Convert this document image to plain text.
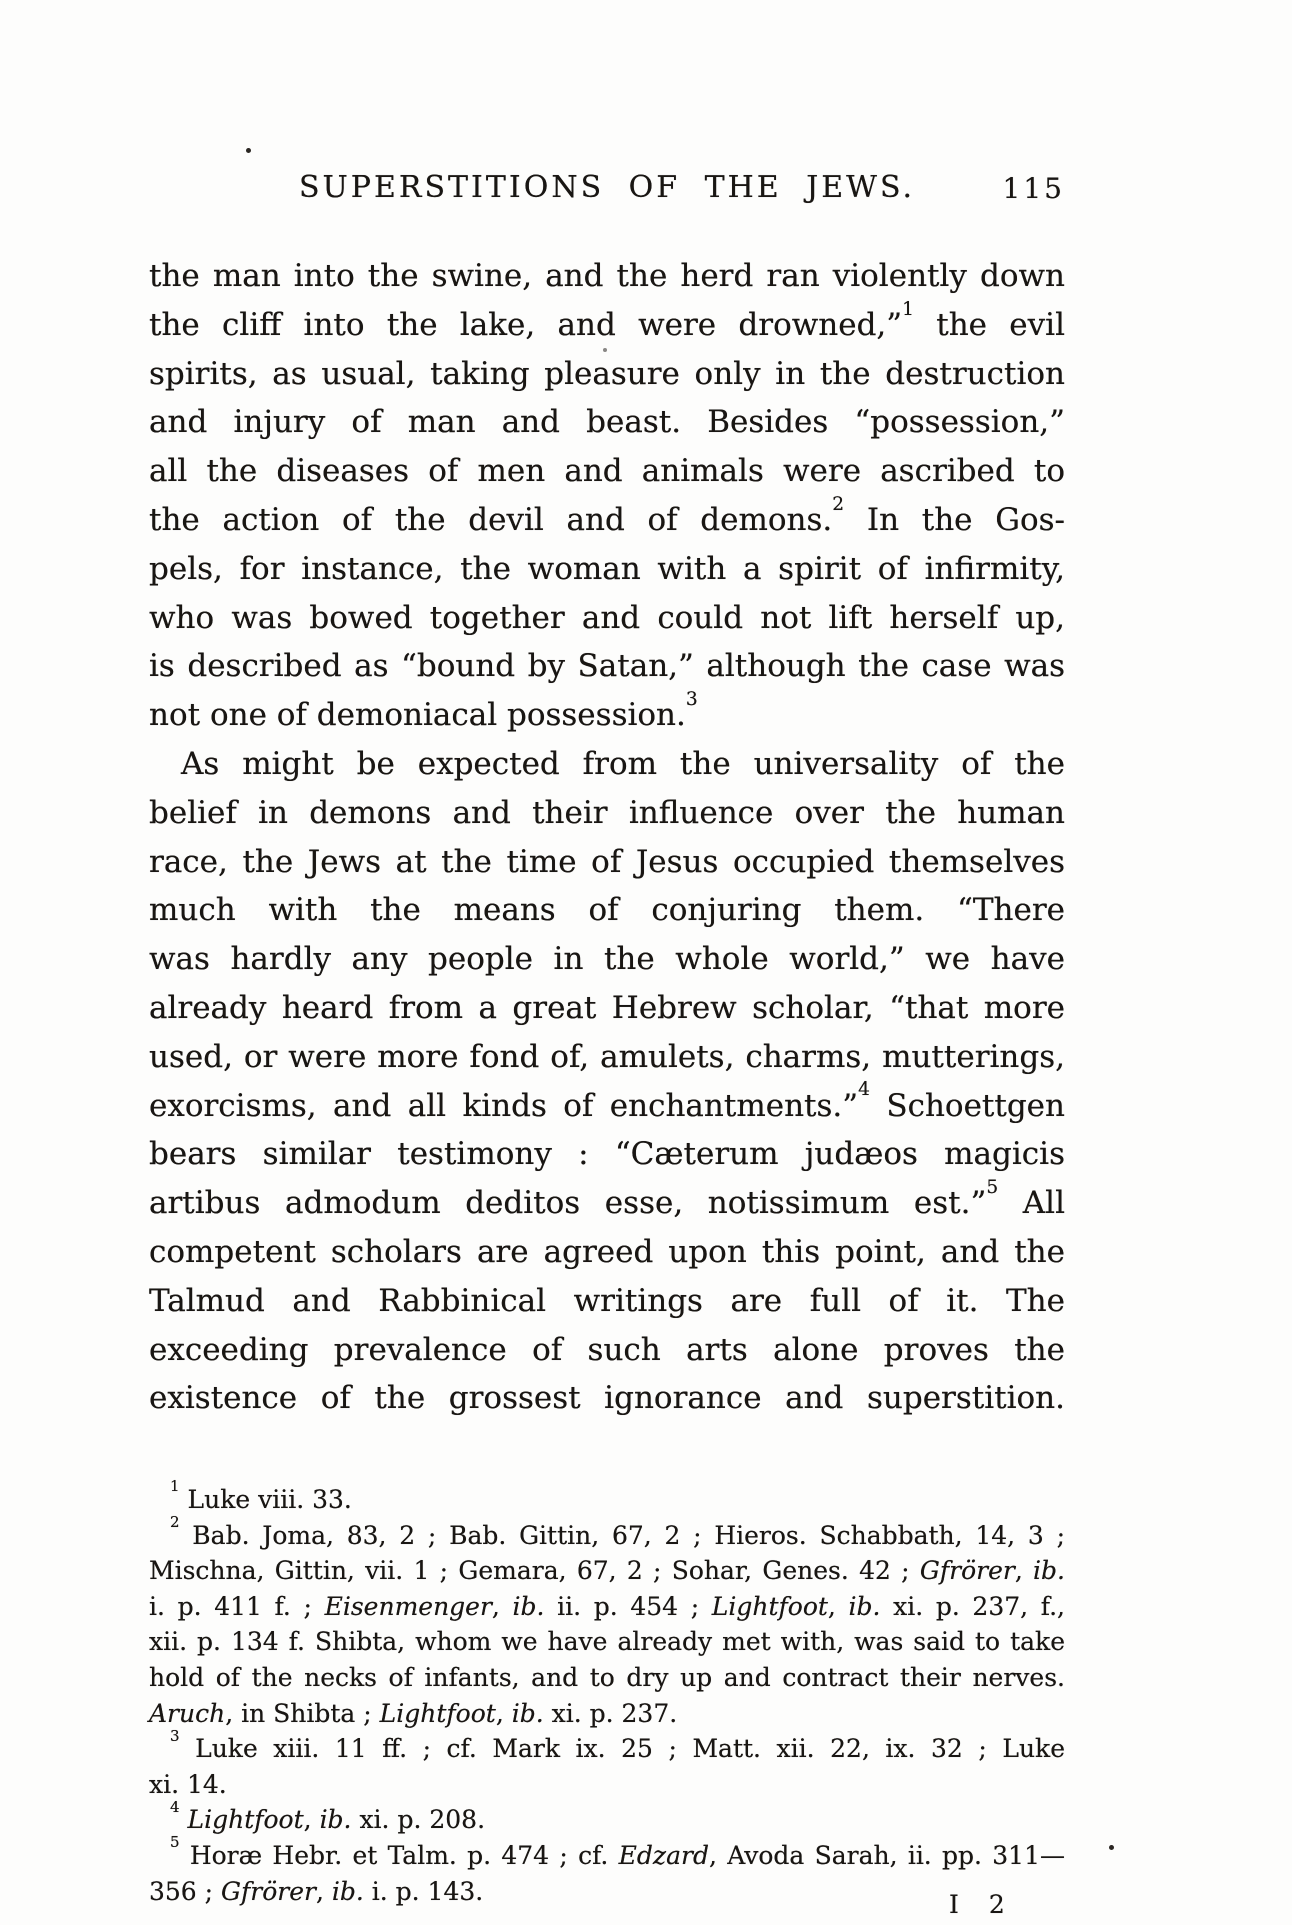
SUPERSTITIONS OF THE JEWS.	115
the man into the swine, and the herd ran violently down
the cliff into the lake, and were drowned,”$^1$ the evil
spirits, as usual, taking pleasure only in the destruction
and injury of man and beast. Besides “possession,”
all the diseases of men and animals were ascribed to
the action of the devil and of demons.$^2$ In the Gos-
pels, for instance, the woman with a spirit of infirmity,
who was bowed together and could not lift herself up,
is described as “bound by Satan,” although the case was
not one of demoniacal possession.$^3$
As might be expected from the universality of the
belief in demons and their influence over the human
race, the Jews at the time of Jesus occupied themselves
much with the means of conjuring them. “There
was hardly any people in the whole world,” we have
already heard from a great Hebrew scholar, “that more
used, or were more fond of, amulets, charms, mutterings,
exorcisms, and all kinds of enchantments.”$^4$ Schoettgen
bears similar testimony : “Cæterum judæos magicis
artibus admodum deditos esse, notissimum est.”$^5$ All
competent scholars are agreed upon this point, and the
Talmud and Rabbinical writings are full of it. The
exceeding prevalence of such arts alone proves the
existence of the grossest ignorance and superstition.
$^1$ Luke viii. 33.
$^2$ Bab. Joma, 83, 2 ; Bab. Gittin, 67, 2 ; Hieros. Schabbath, 14, 3 ;
Mischna, Gittin, vii. 1 ; Gemara, 67, 2 ; Sohar, Genes. 42 ; Gfrörer, ib.
i. p. 411 f. ; Eisenmenger, ib. ii. p. 454 ; Lightfoot, ib. xi. p. 237, f.,
xii. p. 134 f. Shibta, whom we have already met with, was said to take
hold of the necks of infants, and to dry up and contract their nerves.
Aruch, in Shibta ; Lightfoot, ib. xi. p. 237.
$^3$ Luke xiii. 11 ff. ; cf. Mark ix. 25 ; Matt. xii. 22, ix. 32 ; Luke
xi. 14.
$^4$ Lightfoot, ib. xi. p. 208.
$^5$ Horæ Hebr. et Talm. p. 474 ; cf. Edzard, Avoda Sarah, ii. pp. 311—
356 ; Gfrörer, ib. i. p. 143.	I 2
